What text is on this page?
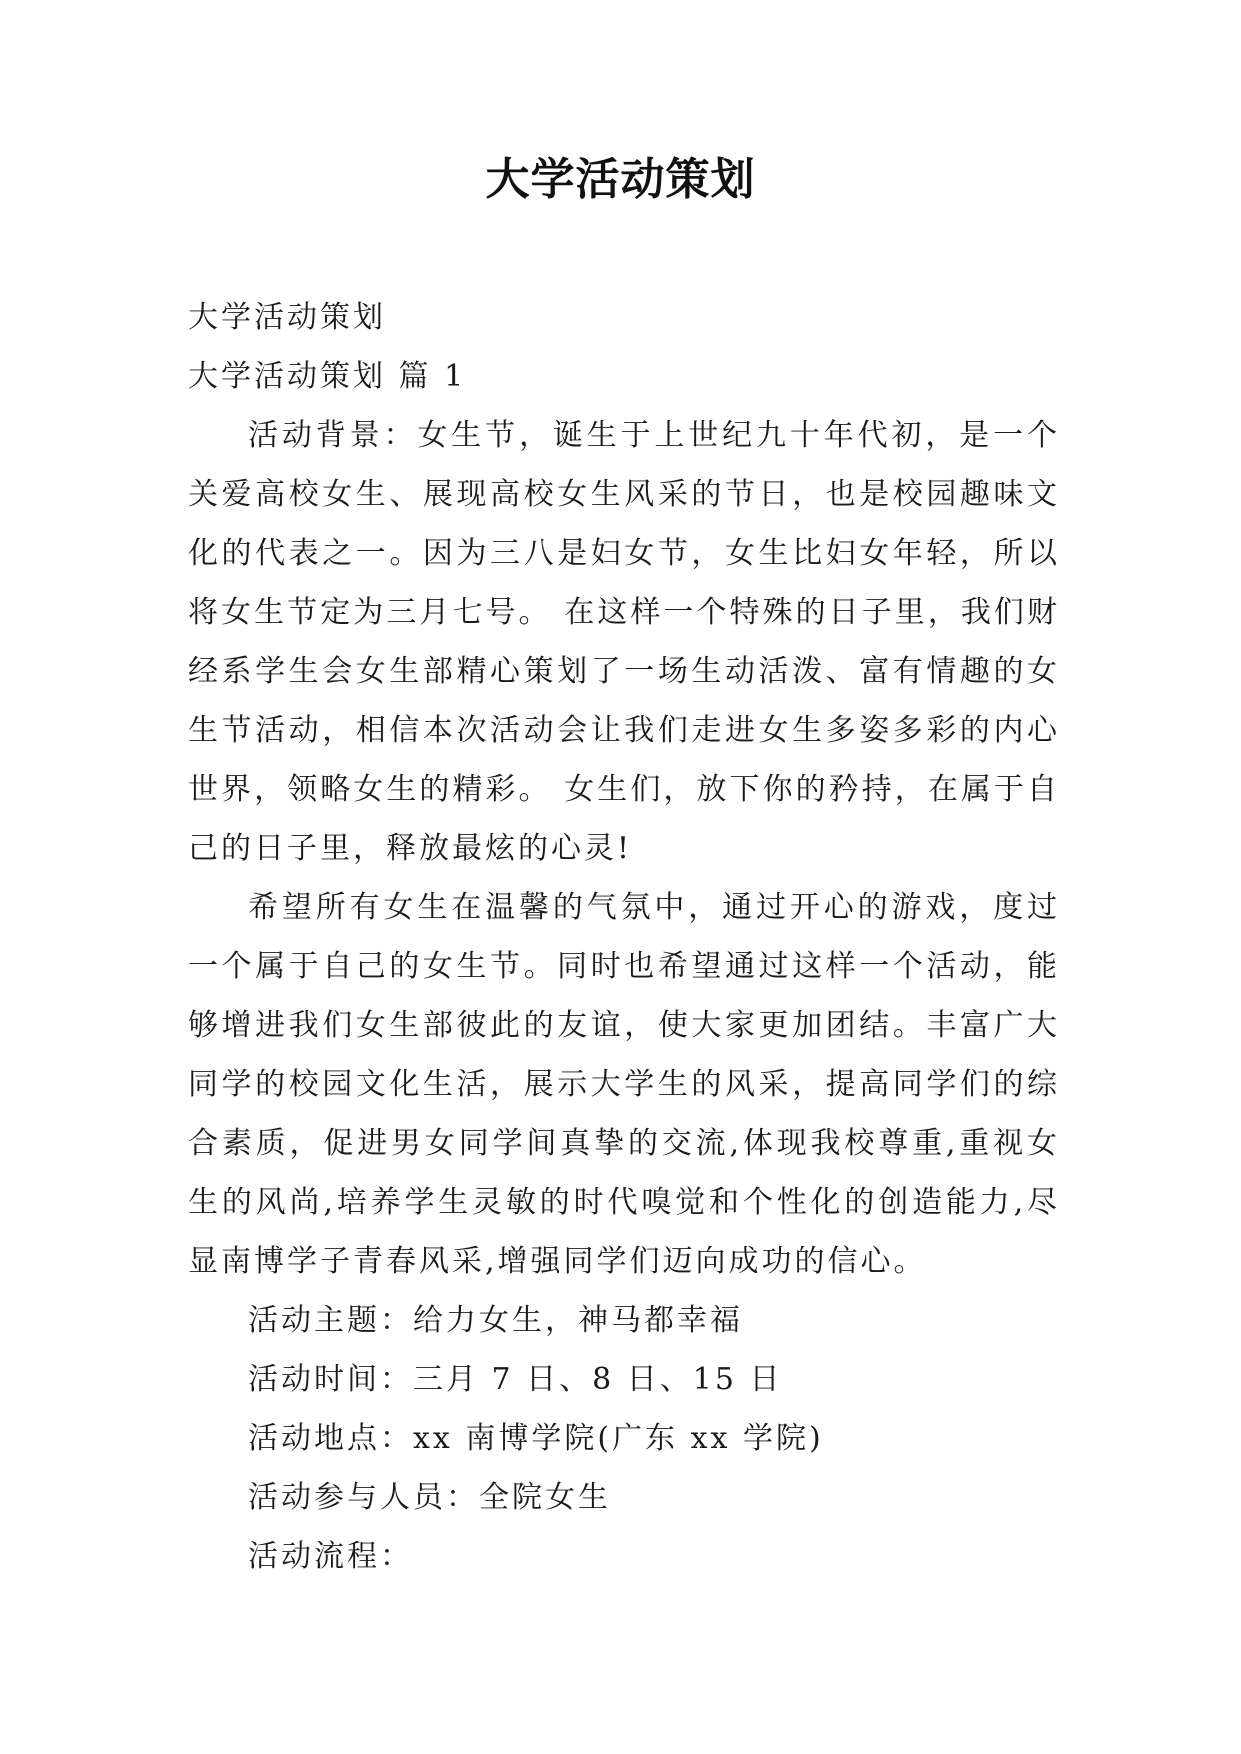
大学活动策划

大学活动策划

大学活动策划 篇 1

活动背景：女生节，诞生于上世纪九十年代初，是一个关爱高校女生、展现高校女生风采的节日，也是校园趣味文化的代表之一。因为三八是妇女节，女生比妇女年轻，所以将女生节定为三月七号。 在这样一个特殊的日子里，我们财经系学生会女生部精心策划了一场生动活泼、富有情趣的女生节活动，相信本次活动会让我们走进女生多姿多彩的内心世界，领略女生的精彩。 女生们，放下你的矜持，在属于自己的日子里，释放最炫的心灵!

希望所有女生在温馨的气氛中，通过开心的游戏，度过一个属于自己的女生节。同时也希望通过这样一个活动，能够增进我们女生部彼此的友谊，使大家更加团结。丰富广大同学的校园文化生活，展示大学生的风采，提高同学们的综合素质，促进男女同学间真挚的交流,体现我校尊重,重视女生的风尚,培养学生灵敏的时代嗅觉和个性化的创造能力,尽显南博学子青春风采,增强同学们迈向成功的信心。

活动主题：给力女生，神马都幸福

活动时间：三月 7 日、8 日、15 日

活动地点：xx 南博学院(广东 xx 学院)

活动参与人员：全院女生

活动流程：
